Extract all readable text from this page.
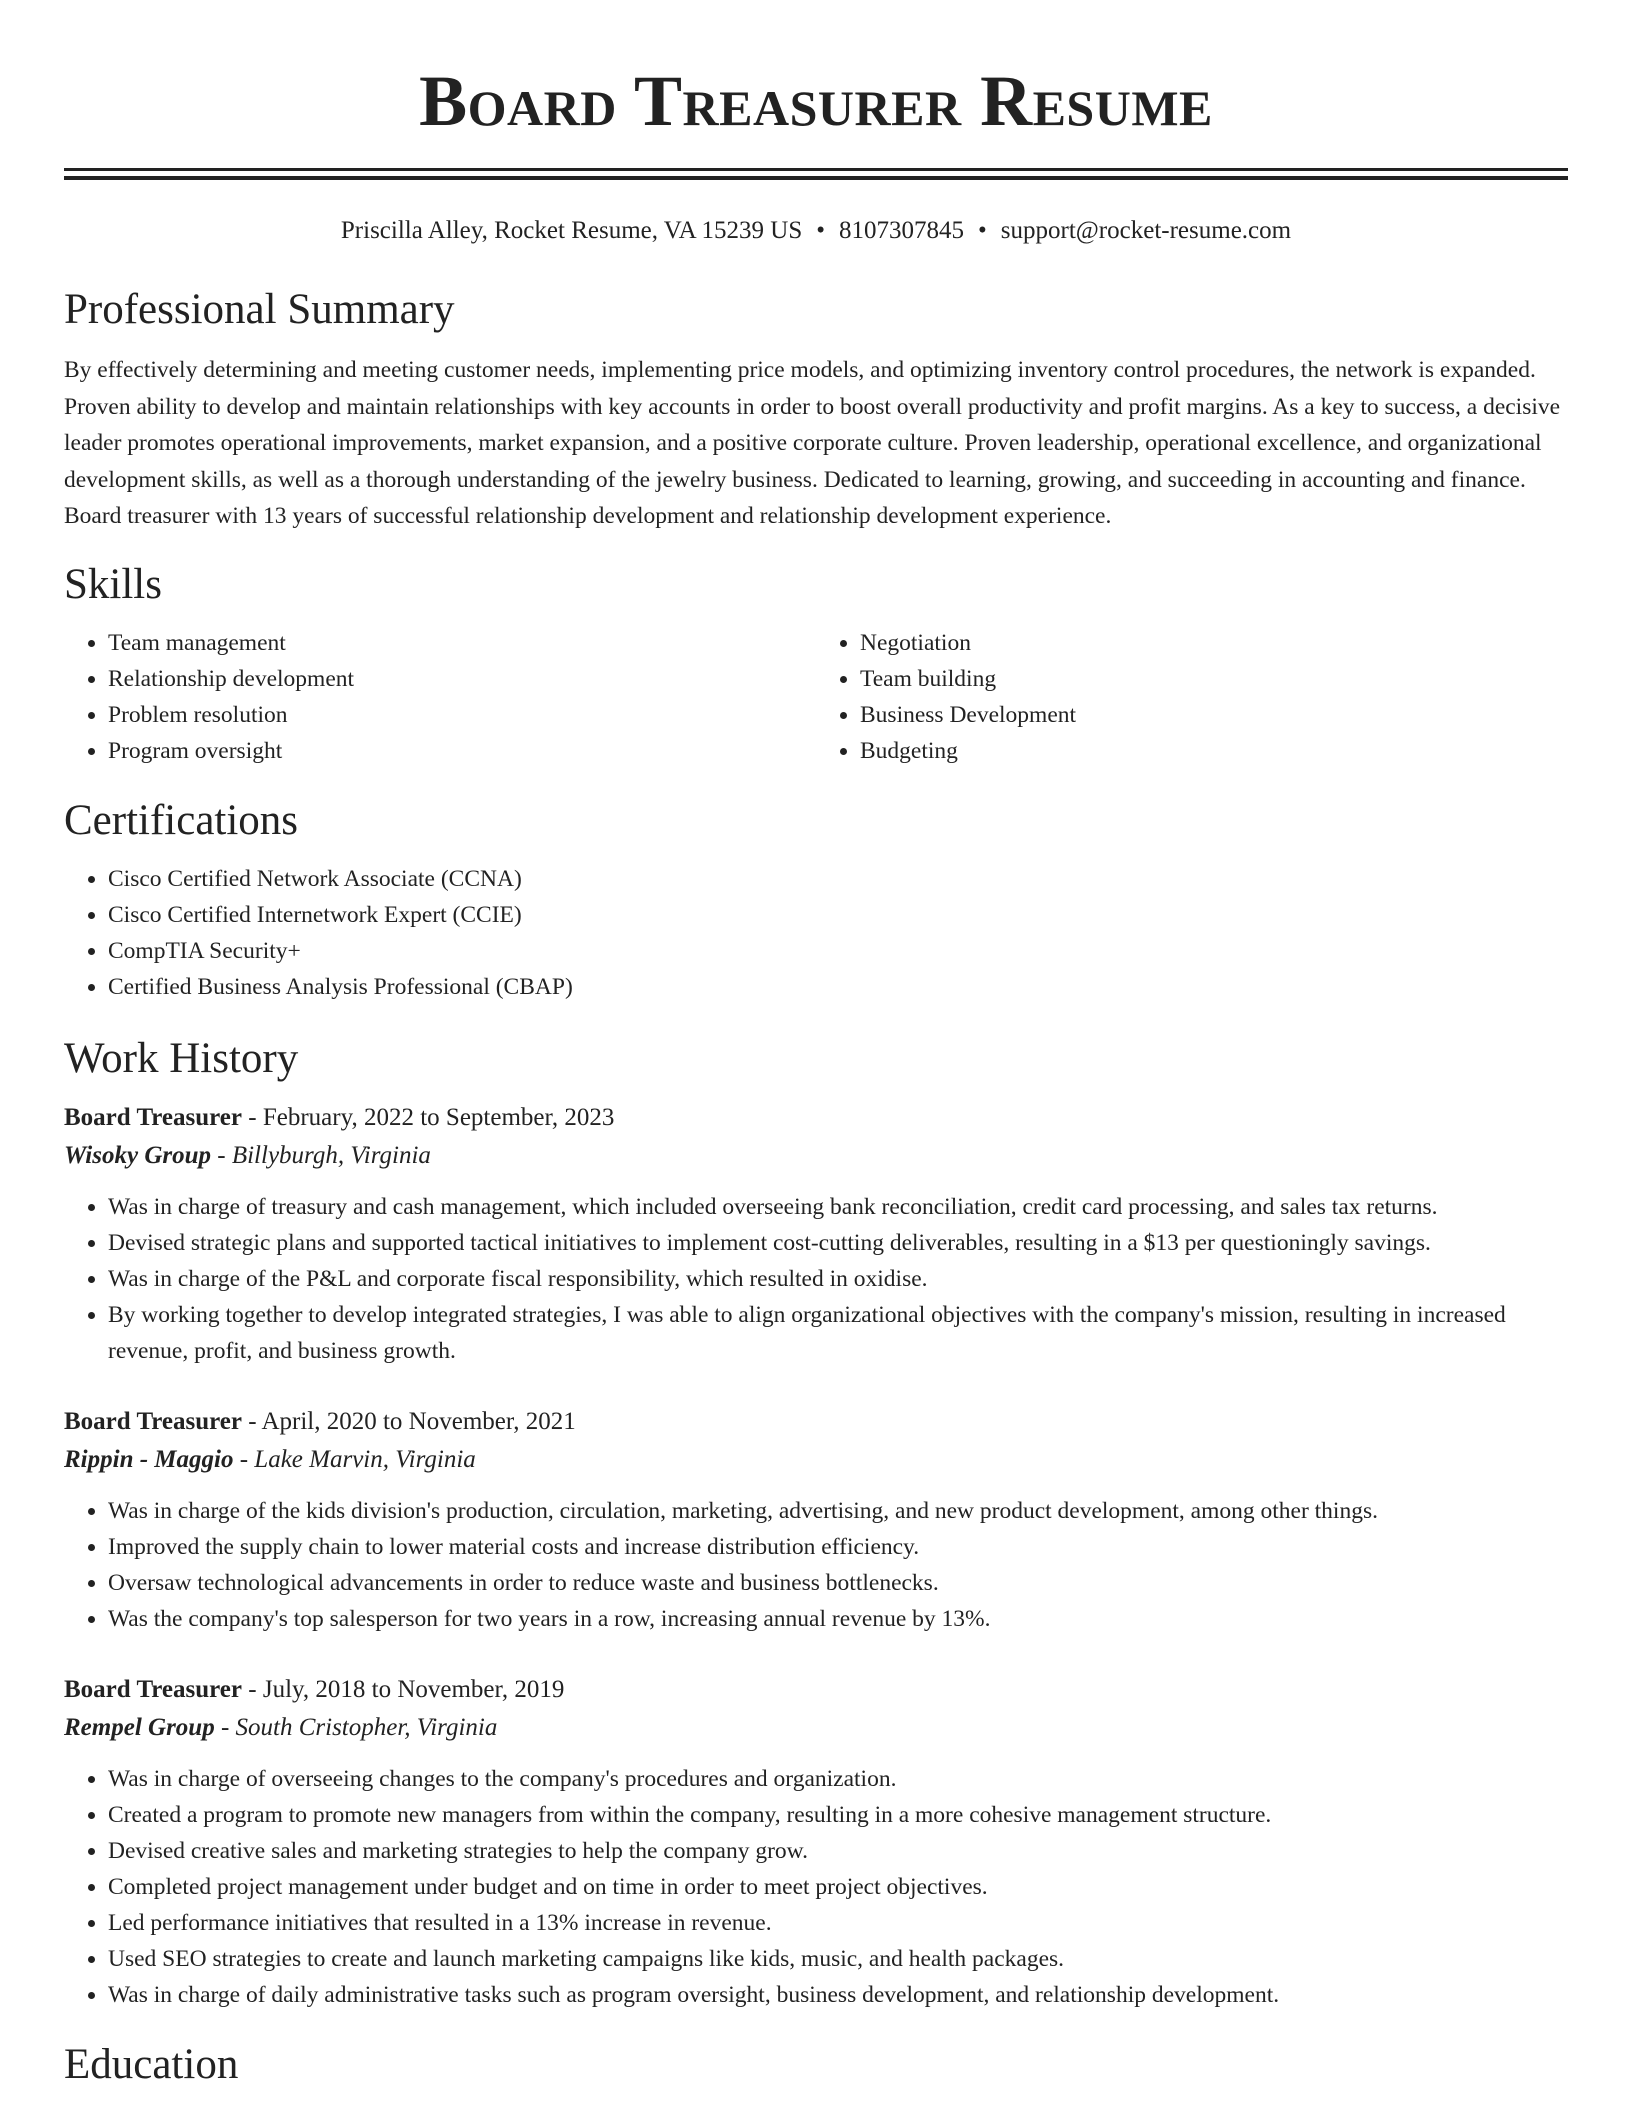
Board Treasurer Resume
Priscilla Alley, Rocket Resume, VA 15239 US • 8107307845 • support@rocket-resume.com
Professional Summary

By effectively determining and meeting customer needs, implementing price models, and optimizing inventory control procedures, the network is expanded. Proven ability to develop and maintain relationships with key accounts in order to boost overall productivity and profit margins. As a key to success, a decisive leader promotes operational improvements, market expansion, and a positive corporate culture. Proven leadership, operational excellence, and organizational development skills, as well as a thorough understanding of the jewelry business. Dedicated to learning, growing, and succeeding in accounting and finance. Board treasurer with 13 years of successful relationship development and relationship development experience.

Skills
• Team management
• Relationship development
• Problem resolution
• Program oversight
• Negotiation
• Team building
• Business Development
• Budgeting
Certifications
• Cisco Certified Network Associate (CCNA)
• Cisco Certified Internetwork Expert (CCIE)
• CompTIA Security+
• Certified Business Analysis Professional (CBAP)
Work History
Board Treasurer - February, 2022 to September, 2023
Wisoky Group - Billyburgh, Virginia
• Was in charge of treasury and cash management, which included overseeing bank reconciliation, credit card processing, and sales tax returns.
• Devised strategic plans and supported tactical initiatives to implement cost-cutting deliverables, resulting in a $13 per questioningly savings.
• Was in charge of the P&L and corporate fiscal responsibility, which resulted in oxidise.
• By working together to develop integrated strategies, I was able to align organizational objectives with the company's mission, resulting in increased revenue, profit, and business growth.
Board Treasurer - April, 2020 to November, 2021
Rippin - Maggio - Lake Marvin, Virginia
• Was in charge of the kids division's production, circulation, marketing, advertising, and new product development, among other things.
• Improved the supply chain to lower material costs and increase distribution efficiency.
• Oversaw technological advancements in order to reduce waste and business bottlenecks.
• Was the company's top salesperson for two years in a row, increasing annual revenue by 13%.
Board Treasurer - July, 2018 to November, 2019
Rempel Group - South Cristopher, Virginia
• Was in charge of overseeing changes to the company's procedures and organization.
• Created a program to promote new managers from within the company, resulting in a more cohesive management structure.
• Devised creative sales and marketing strategies to help the company grow.
• Completed project management under budget and on time in order to meet project objectives.
• Led performance initiatives that resulted in a 13% increase in revenue.
• Used SEO strategies to create and launch marketing campaigns like kids, music, and health packages.
• Was in charge of daily administrative tasks such as program oversight, business development, and relationship development.
Education
